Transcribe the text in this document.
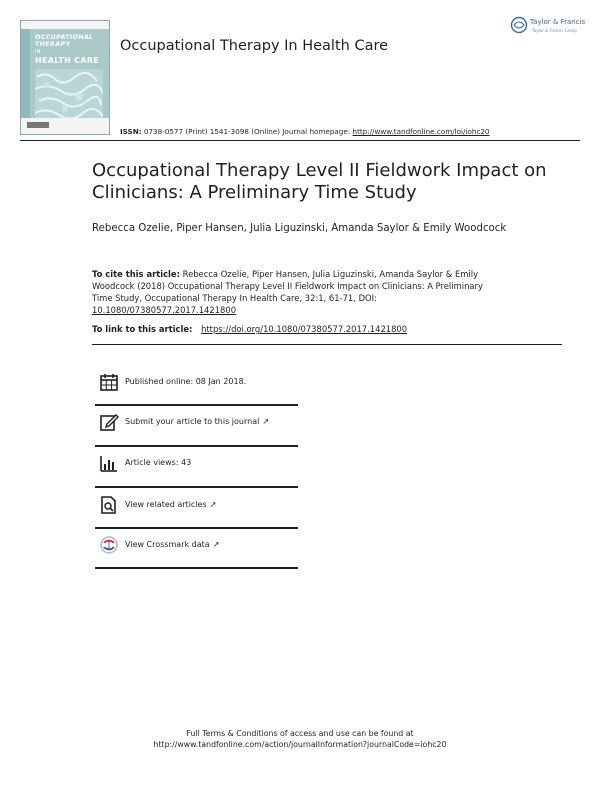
OCCUPATIONAL
THERAPY
IN
HEALTH CARE
Occupational Therapy In Health Care
Taylor & Francis
Taylor & Francis Group
ISSN: 0738-0577 (Print) 1541-3098 (Online) Journal homepage: http://www.tandfonline.com/loi/iohc20
Occupational Therapy Level II Fieldwork Impact on Clinicians: A Preliminary Time Study
Rebecca Ozelie, Piper Hansen, Julia Liguzinski, Amanda Saylor & Emily Woodcock
To cite this article: Rebecca Ozelie, Piper Hansen, Julia Liguzinski, Amanda Saylor & Emily Woodcock (2018) Occupational Therapy Level II Fieldwork Impact on Clinicians: A Preliminary Time Study, Occupational Therapy In Health Care, 32:1, 61-71, DOI: 10.1080/07380577.2017.1421800
To link to this article: https://doi.org/10.1080/07380577.2017.1421800
Published online: 08 Jan 2018.
Submit your article to this journal ↗
Article views: 43
View related articles ↗
View Crossmark data ↗
Full Terms & Conditions of access and use can be found at
http://www.tandfonline.com/action/journalInformation?journalCode=iohc20
